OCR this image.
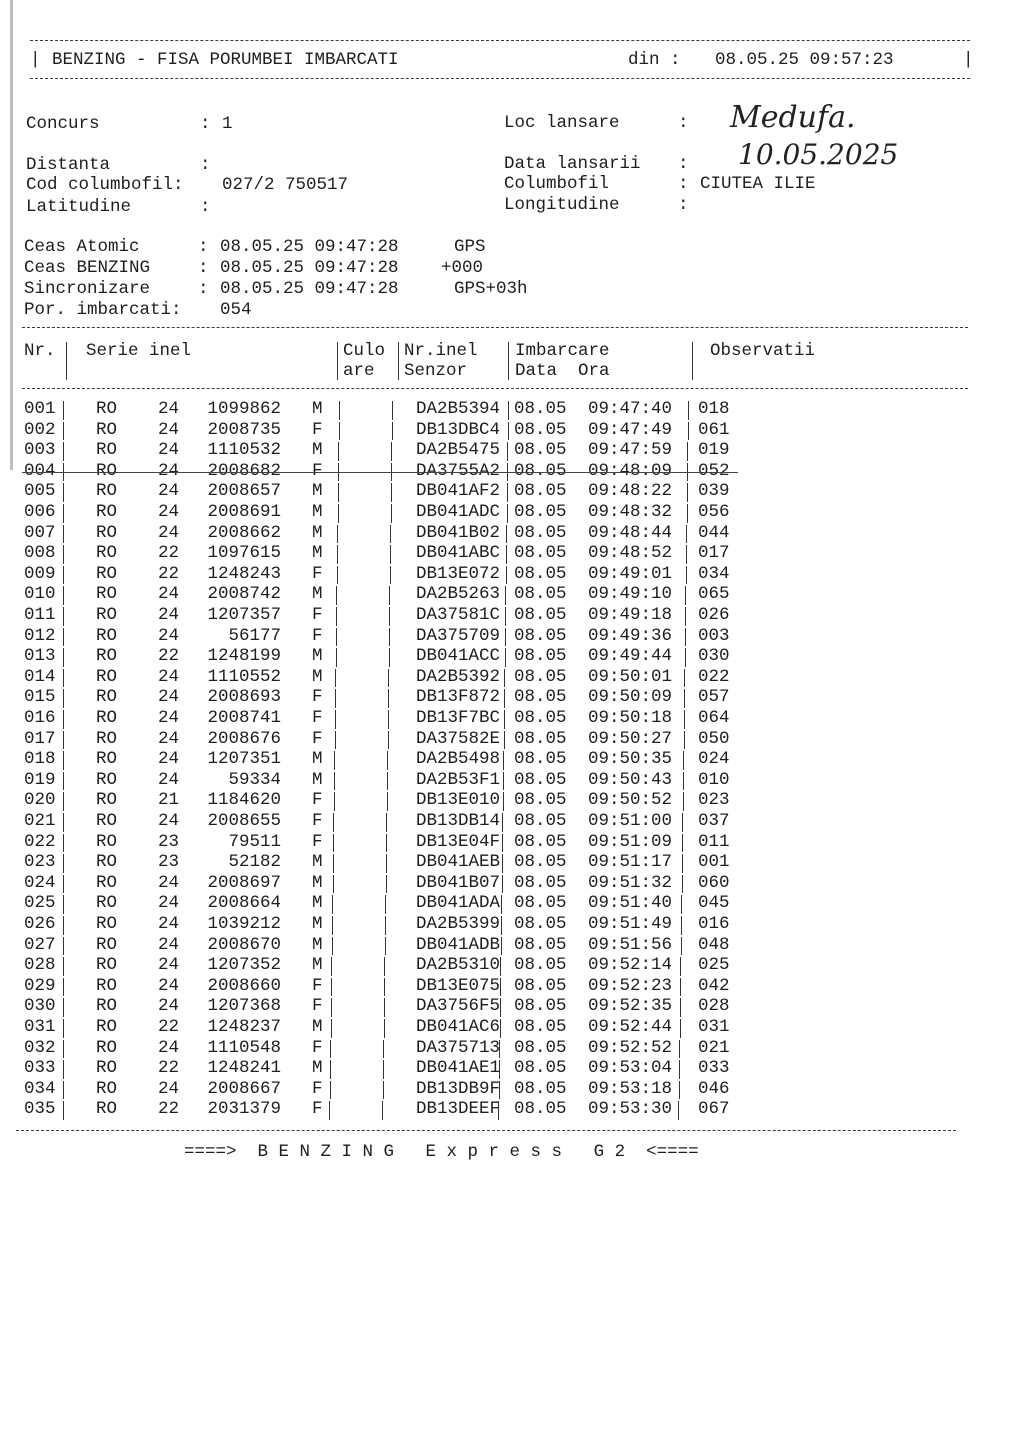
| BENZING - FISA PORUMBEI IMBARCATI	din : 08.05.25 09:57:23	|
Concurs	: 1	Loc lansare	: Medufa.
Distanta	:	Data lansarii : 10.05.2025
Cod columbofil: 027/2 750517	Columbofil	: CIUTEA ILIE
Latitudine	:	Longitudine	:
Ceas Atomic	: 08.05.25 09:47:28	GPS
Ceas BENZING	: 08.05.25 09:47:28 +000
Sincronizare	: 08.05.25 09:47:28	GPS+03h
Por. imbarcati: 054
Nr. Serie inel	Culo
are
Nr.inel
Senzor
Imbarcare
Data  Ora
Observatii
001 RO 24 1099862 M	DA2B5394 08.05 09:47:40 018
002 RO 24 2008735 F	DB13DBC4 08.05 09:47:49 061
003 RO 24 1110532 M	DA2B5475 08.05 09:47:59 019
004 RO 24 2008682 F	DA3755A2 08.05 09:48:09 052
005 RO 24 2008657 M	DB041AF2 08.05 09:48:22 039
006 RO 24 2008691 M	DB041ADC 08.05 09:48:32 056
007 RO 24 2008662 M	DB041B02 08.05 09:48:44 044
008 RO 22 1097615 M	DB041ABC 08.05 09:48:52 017
009 RO 22 1248243 F	DB13E072 08.05 09:49:01 034
010 RO 24 2008742 M	DA2B5263 08.05 09:49:10 065
011 RO 24 1207357 F	DA37581C 08.05 09:49:18 026
012 RO 24	56177 F	DA375709 08.05 09:49:36 003
013 RO 22 1248199 M	DB041ACC 08.05 09:49:44 030
014 RO 24 1110552 M	DA2B5392 08.05 09:50:01 022
015 RO 24 2008693 F	DB13F872 08.05 09:50:09 057
016 RO 24 2008741 F	DB13F7BC 08.05 09:50:18 064
017 RO 24 2008676 F	DA37582E 08.05 09:50:27 050
018 RO 24 1207351 M	DA2B5498 08.05 09:50:35 024
019 RO 24	59334 M	DA2B53F1 08.05 09:50:43 010
020 RO 21 1184620 F	DB13E010 08.05 09:50:52 023
021 RO 24 2008655 F	DB13DB14 08.05 09:51:00 037
022 RO 23	79511 F	DB13E04F 08.05 09:51:09 011
023 RO 23	52182 M	DB041AEB 08.05 09:51:17 001
024 RO 24 2008697 M	DB041B07 08.05 09:51:32 060
025 RO 24 2008664 M	DB041ADA 08.05 09:51:40 045
026 RO 24 1039212 M	DA2B5399 08.05 09:51:49 016
027 RO 24 2008670 M	DB041ADB 08.05 09:51:56 048
028 RO 24 1207352 M	DA2B5310 08.05 09:52:14 025
029 RO 24 2008660 F	DB13E075 08.05 09:52:23 042
030 RO 24 1207368 F	DA3756F5 08.05 09:52:35 028
031 RO 22 1248237 M	DB041AC6 08.05 09:52:44 031
032 RO 24 1110548 F	DA375713 08.05 09:52:52 021
033 RO 22 1248241 M	DB041AE1 08.05 09:53:04 033
034 RO 24 2008667 F	DB13DB9F 08.05 09:53:18 046
035 RO 22 2031379 F	DB13DEEF 08.05 09:53:30 067
====>  B E N Z I N G   E x p r e s s   G 2  <====
